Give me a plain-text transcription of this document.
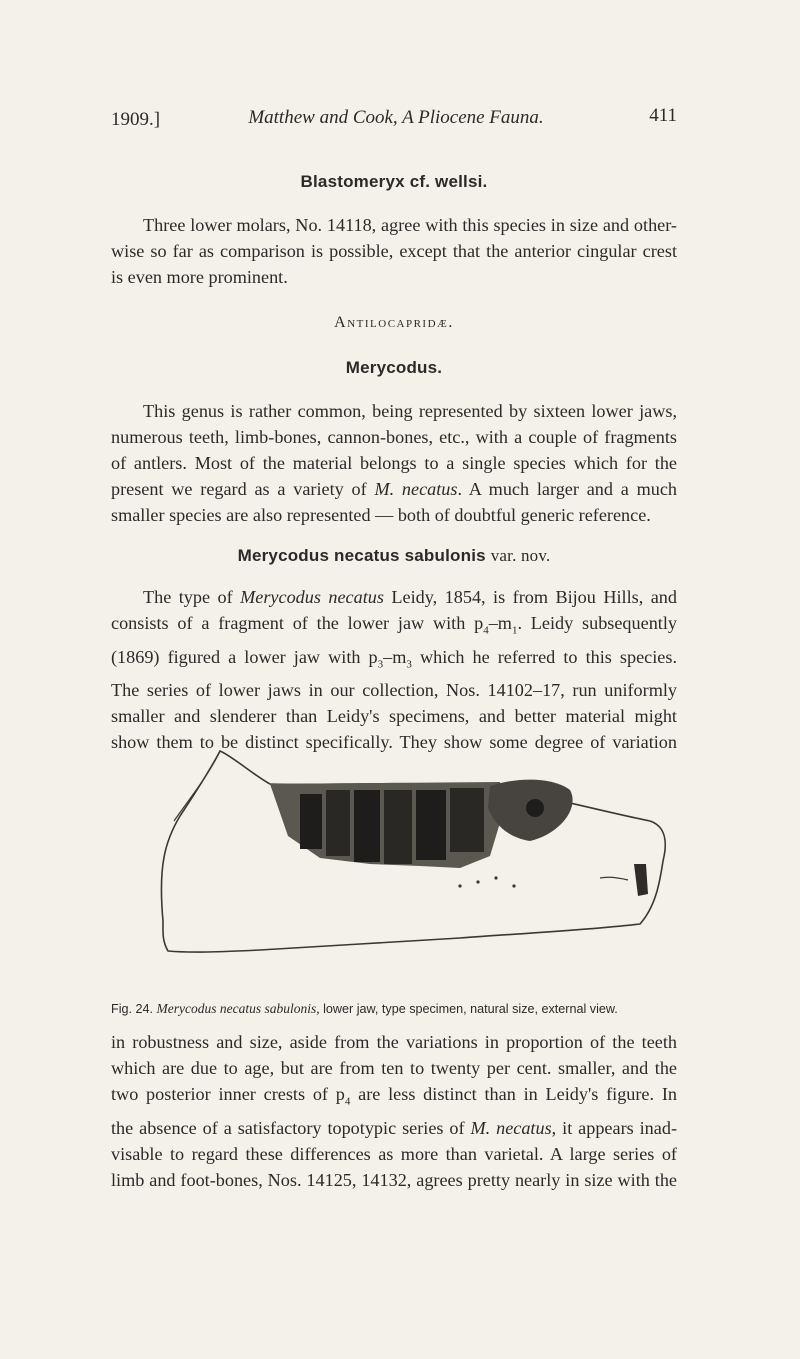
1909.]	Matthew and Cook, A Pliocene Fauna.	411
Blastomeryx cf. wellsi.
Three lower molars, No. 14118, agree with this species in size and other-
wise so far as comparison is possible, except that the anterior cingular crest
is even more prominent.
Antilocapridæ.
Merycodus.
This genus is rather common, being represented by sixteen lower jaws,
numerous teeth, limb-bones, cannon-bones, etc., with a couple of fragments
of antlers. Most of the material belongs to a single species which for the
present we regard as a variety of M. necatus. A much larger and a much
smaller species are also represented — both of doubtful generic reference.
Merycodus necatus sabulonis var. nov.
The type of Merycodus necatus Leidy, 1854, is from Bijou Hills, and
consists of a fragment of the lower jaw with $p_4-m_1$. Leidy subsequently
(1869) figured a lower jaw with $p_3-m_3$ which he referred to this species.
The series of lower jaws in our collection, Nos. 14102–17, run uniformly
smaller and slenderer than Leidy's specimens, and better material might
show them to be distinct specifically. They show some degree of variation
Fig. 24. Merycodus necatus sabulonis, lower jaw, type specimen, natural size, external view.
in robustness and size, aside from the variations in proportion of the teeth
which are due to age, but are from ten to twenty per cent. smaller, and the
two posterior inner crests of $p_4$ are less distinct than in Leidy's figure. In
the absence of a satisfactory topotypic series of M. necatus, it appears inad-
visable to regard these differences as more than varietal. A large series of
limb and foot-bones, Nos. 14125, 14132, agrees pretty nearly in size with the
